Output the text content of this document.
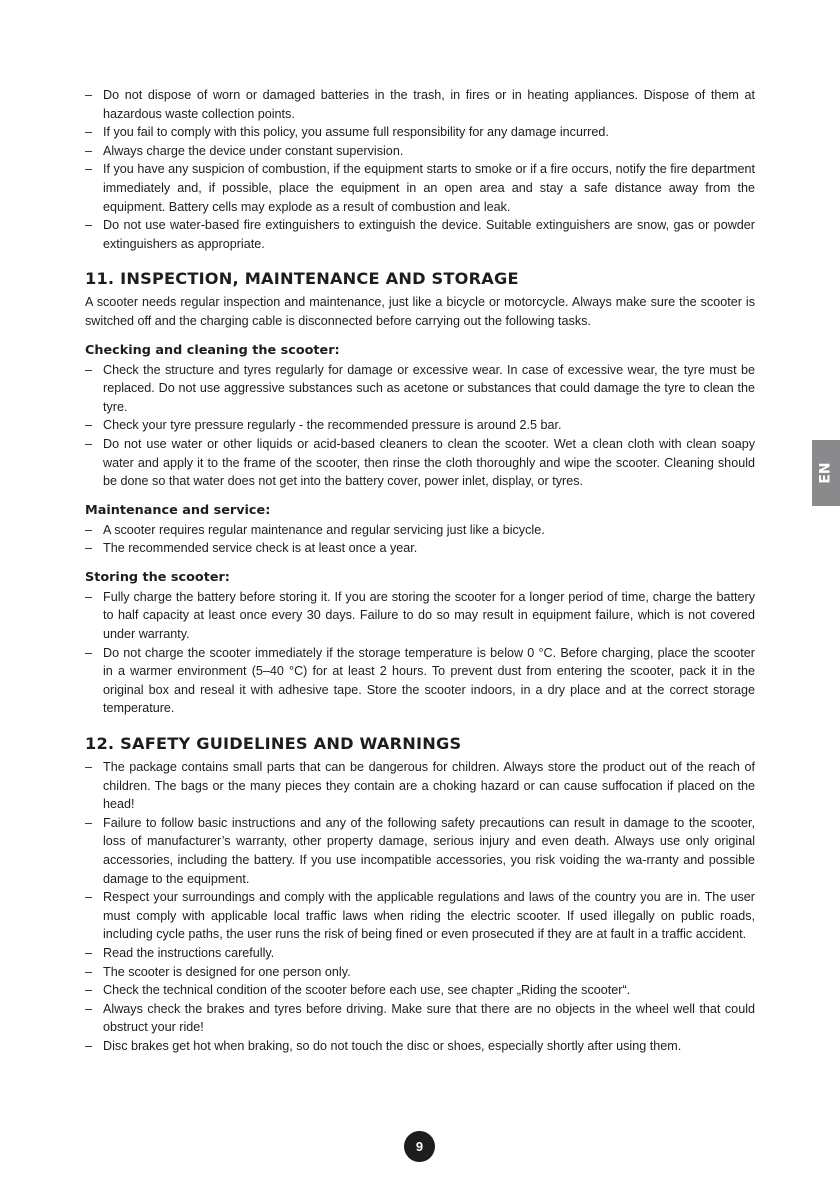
– Do not dispose of worn or damaged batteries in the trash, in fires or in heating appliances. Dispose of them at hazardous waste collection points.
– If you fail to comply with this policy, you assume full responsibility for any damage incurred.
– Always charge the device under constant supervision.
– If you have any suspicion of combustion, if the equipment starts to smoke or if a fire occurs, notify the fire department immediately and, if possible, place the equipment in an open area and stay a safe distance away from the equipment. Battery cells may explode as a result of combustion and leak.
– Do not use water-based fire extinguishers to extinguish the device. Suitable extinguishers are snow, gas or powder extinguishers as appropriate.
11. INSPECTION, MAINTENANCE AND STORAGE

A scooter needs regular inspection and maintenance, just like a bicycle or motorcycle. Always make sure the scooter is switched off and the charging cable is disconnected before carrying out the following tasks.

Checking and cleaning the scooter:
– Check the structure and tyres regularly for damage or excessive wear. In case of excessive wear, the tyre must be replaced. Do not use aggressive substances such as acetone or substances that could damage the tyre to clean the tyre.
– Check your tyre pressure regularly - the recommended pressure is around 2.5 bar.
– Do not use water or other liquids or acid-based cleaners to clean the scooter. Wet a clean cloth with clean soapy water and apply it to the frame of the scooter, then rinse the cloth thoroughly and wipe the scooter. Cleaning should be done so that water does not get into the battery cover, power inlet, display, or tyres.
Maintenance and service:
– A scooter requires regular maintenance and regular servicing just like a bicycle.
– The recommended service check is at least once a year.
Storing the scooter:
– Fully charge the battery before storing it. If you are storing the scooter for a longer period of time, charge the battery to half capacity at least once every 30 days. Failure to do so may result in equipment failure, which is not covered under warranty.
– Do not charge the scooter immediately if the storage temperature is below 0 °C. Before charging, place the scooter in a warmer environment (5–40 °C) for at least 2 hours. To prevent dust from entering the scooter, pack it in the original box and reseal it with adhesive tape. Store the scooter indoors, in a dry place and at the correct storage temperature.
12. SAFETY GUIDELINES AND WARNINGS
– The package contains small parts that can be dangerous for children. Always store the product out of the reach of children. The bags or the many pieces they contain are a choking hazard or can cause suffocation if placed on the head!
– Failure to follow basic instructions and any of the following safety precautions can result in damage to the scooter, loss of manufacturer’s warranty, other property damage, serious injury and even death. Always use only original accessories, including the battery. If you use incompatible accessories, you risk voiding the wa-rranty and possible damage to the equipment.
– Respect your surroundings and comply with the applicable regulations and laws of the country you are in. The user must comply with applicable local traffic laws when riding the electric scooter. If used illegally on public roads, including cycle paths, the user runs the risk of being fined or even prosecuted if they are at fault in a traffic accident.
– Read the instructions carefully.
– The scooter is designed for one person only.
– Check the technical condition of the scooter before each use, see chapter „Riding the scooter“.
– Always check the brakes and tyres before driving. Make sure that there are no objects in the wheel well that could obstruct your ride!
– Disc brakes get hot when braking, so do not touch the disc or shoes, especially shortly after using them.
EN
9
